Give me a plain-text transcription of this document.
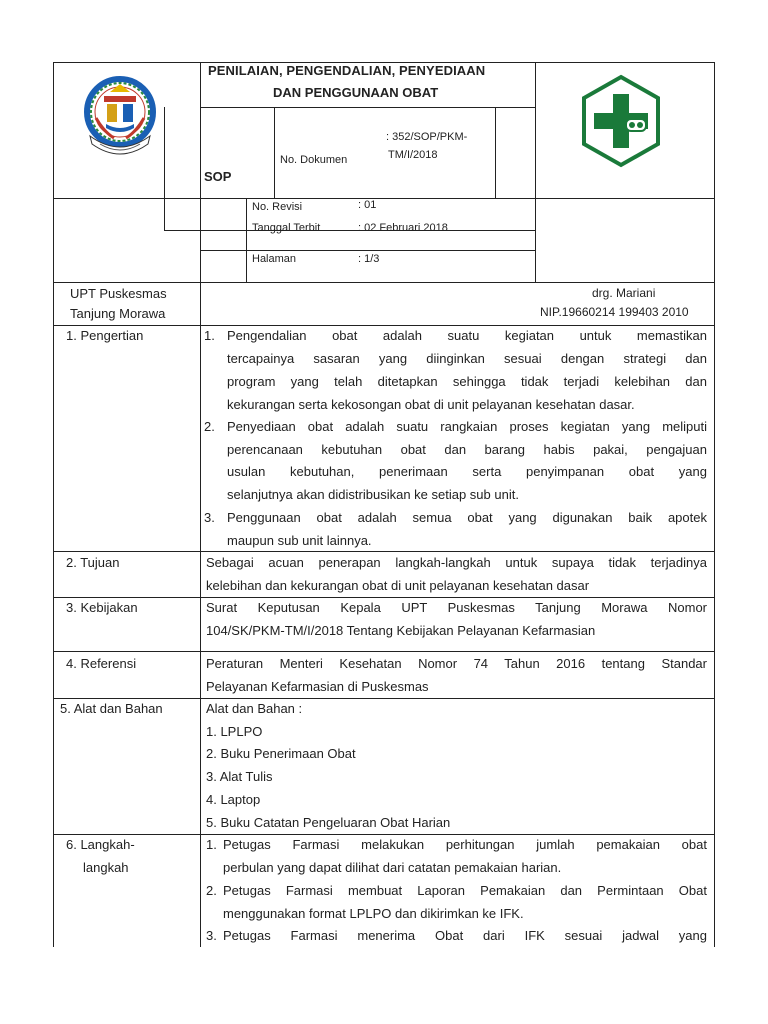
PENILAIAN, PENGENDALIAN, PENYEDIAAN
DAN PENGGUNAAN OBAT
SOP
No. Dokumen
: 352/SOP/PKM-
TM/I/2018
No. Revisi	: 01
Tanggal Terbit	: 02 Februari 2018
Halaman	: 1/3
UPT Puskesmas
Tanjung Morawa
drg. Mariani
NIP.19660214 199403 2010
1. Pengertian	1. Pengendalian obat adalah suatu kegiatan untuk memastikan
tercapainya sasaran yang diinginkan sesuai dengan strategi dan
program yang telah ditetapkan sehingga tidak terjadi kelebihan dan
kekurangan serta kekosongan obat di unit pelayanan kesehatan dasar.
2. Penyediaan obat adalah suatu rangkaian proses kegiatan yang meliputi
perencanaan kebutuhan obat dan barang habis pakai, pengajuan
usulan kebutuhan, penerimaan serta penyimpanan obat yang
selanjutnya akan didistribusikan ke setiap sub unit.
3. Penggunaan obat adalah semua obat yang digunakan baik apotek
maupun sub unit lainnya.
2. Tujuan	Sebagai acuan penerapan langkah-langkah untuk supaya tidak terjadinya
kelebihan dan kekurangan obat di unit pelayanan kesehatan dasar
3. Kebijakan	Surat Keputusan Kepala UPT Puskesmas Tanjung Morawa Nomor
104/SK/PKM-TM/I/2018 Tentang Kebijakan Pelayanan Kefarmasian
4. Referensi	Peraturan Menteri Kesehatan Nomor 74 Tahun 2016 tentang Standar
Pelayanan Kefarmasian di Puskesmas
5. Alat dan Bahan	Alat dan Bahan :
1. LPLPO
2. Buku Penerimaan Obat
3. Alat Tulis
4. Laptop
5. Buku Catatan Pengeluaran Obat Harian
6. Langkah-
langkah
1. Petugas Farmasi melakukan perhitungan jumlah pemakaian obat
perbulan yang dapat dilihat dari catatan pemakaian harian.
2. Petugas Farmasi membuat Laporan Pemakaian dan Permintaan Obat
menggunakan format LPLPO dan dikirimkan ke IFK.
3. Petugas Farmasi menerima Obat dari IFK sesuai jadwal yang
